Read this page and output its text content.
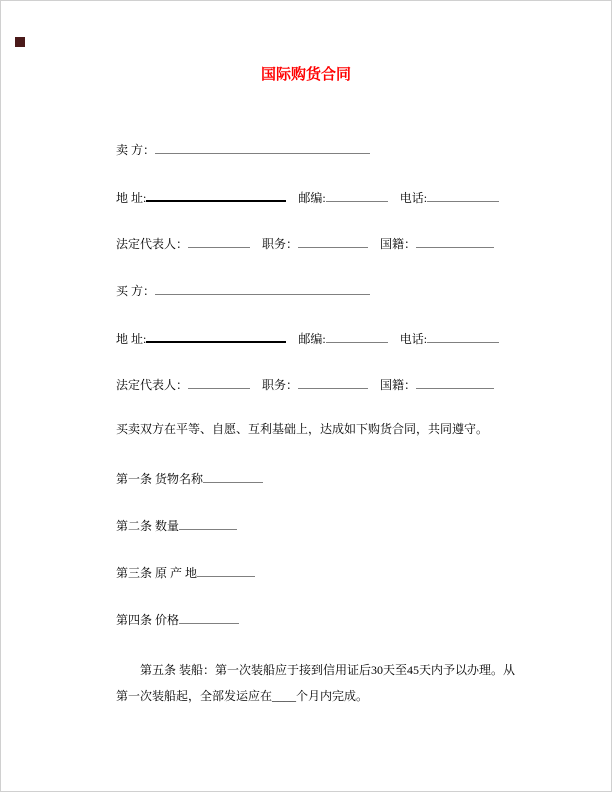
国际购货合同
卖 方：
地 址:	邮编:	电话:
法定代表人：	职务：	国籍：
买 方：
地 址:	邮编:	电话:
法定代表人：	职务：	国籍：
买卖双方在平等、自愿、互利基础上，达成如下购货合同，共同遵守。
第一条 货物名称
第二条 数量
第三条 原 产 地
第四条 价格
第五条 装船：第一次装船应于接到信用证后30天至45天内予以办理。从第一次装船起，全部发运应在____个月内完成。
